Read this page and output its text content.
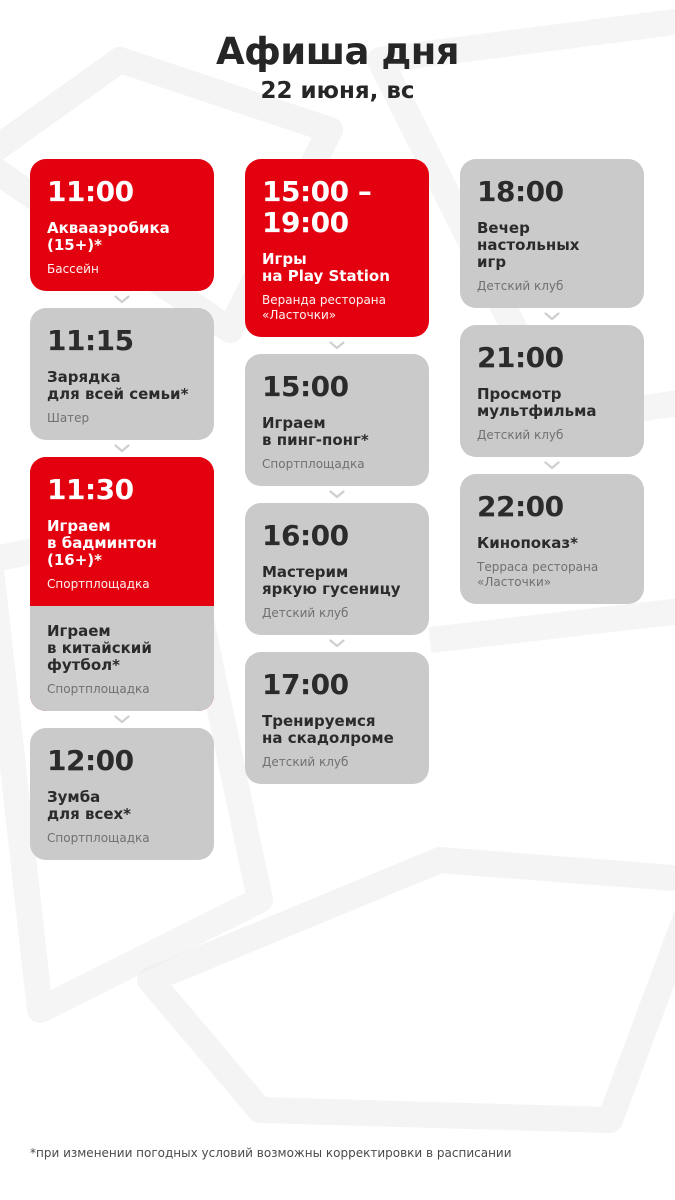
Афиша дня
22 июня, вс
11:00
Аквааэробика
(15+)*
Бассейн
11:15
Зарядка
для всей семьи*
Шатер
11:30
Играем
в бадминтон
(16+)*
Спортплощадка
Играем
в китайский
футбол*
Спортплощадка
12:00
Зумба
для всех*
Спортплощадка
15:00 –
19:00
Игры
на Play Station
Веранда ресторана
«Ласточки»
15:00
Играем
в пинг-понг*
Спортплощадка
16:00
Мастерим
яркую гусеницу
Детский клуб
17:00
Тренируемся
на скадолроме
Детский клуб
18:00
Вечер
настольных
игр
Детский клуб
21:00
Просмотр
мультфильма
Детский клуб
22:00
Кинопоказ*
Терраса ресторана
«Ласточки»
*при изменении погодных условий возможны корректировки в расписании
